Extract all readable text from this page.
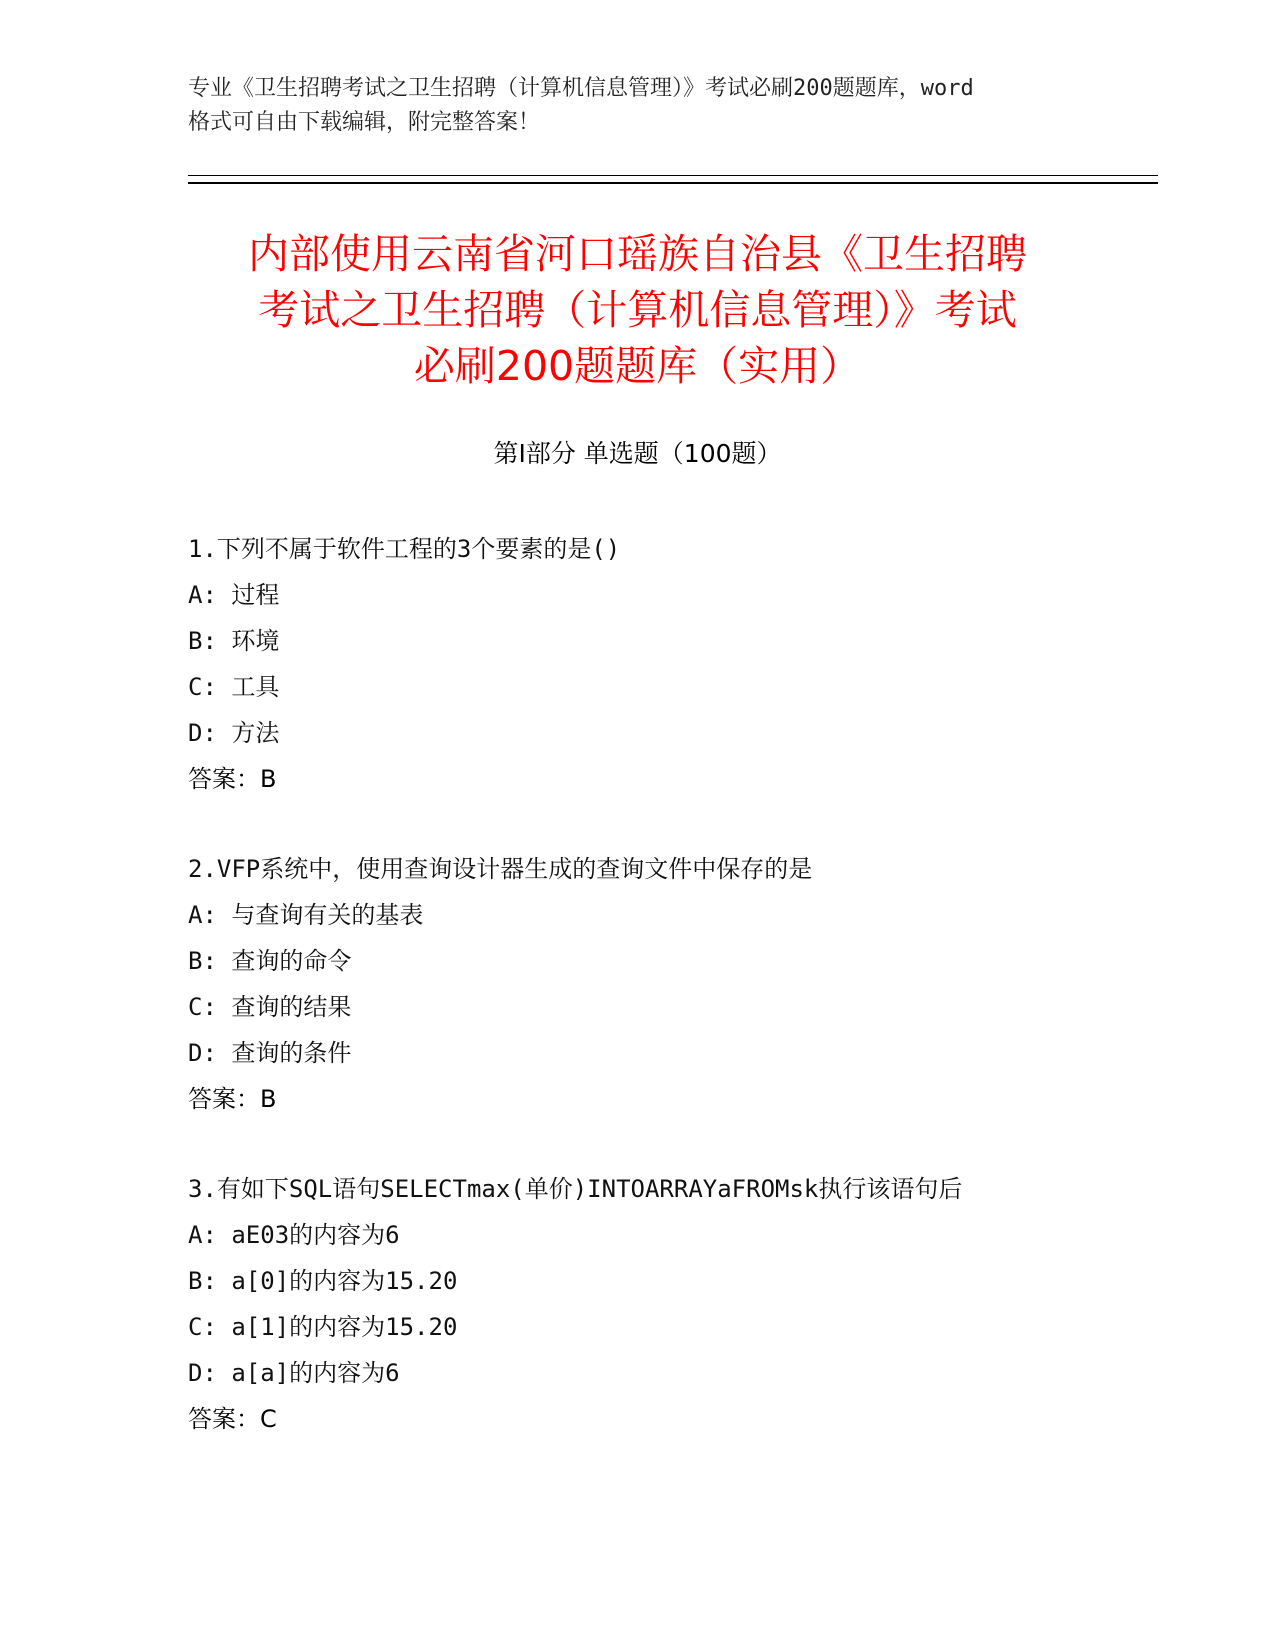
专业《卫生招聘考试之卫生招聘（计算机信息管理）》考试必刷200题题库，word
格式可自由下载编辑，附完整答案！
内部使用云南省河口瑶族自治县《卫生招聘
考试之卫生招聘（计算机信息管理）》考试
必刷200题题库（实用）
第Ⅰ部分 单选题（100题）
1.下列不属于软件工程的3个要素的是()
A: 过程
B: 环境
C: 工具
D: 方法
答案：B
2.VFP系统中，使用查询设计器生成的查询文件中保存的是
A: 与查询有关的基表
B: 查询的命令
C: 查询的结果
D: 查询的条件
答案：B
3.有如下SQL语句SELECTmax(单价)INTOARRAYaFROMsk执行该语句后
A: aE03的内容为6
B: a[0]的内容为15.20
C: a[1]的内容为15.20
D: a[a]的内容为6
答案：C
